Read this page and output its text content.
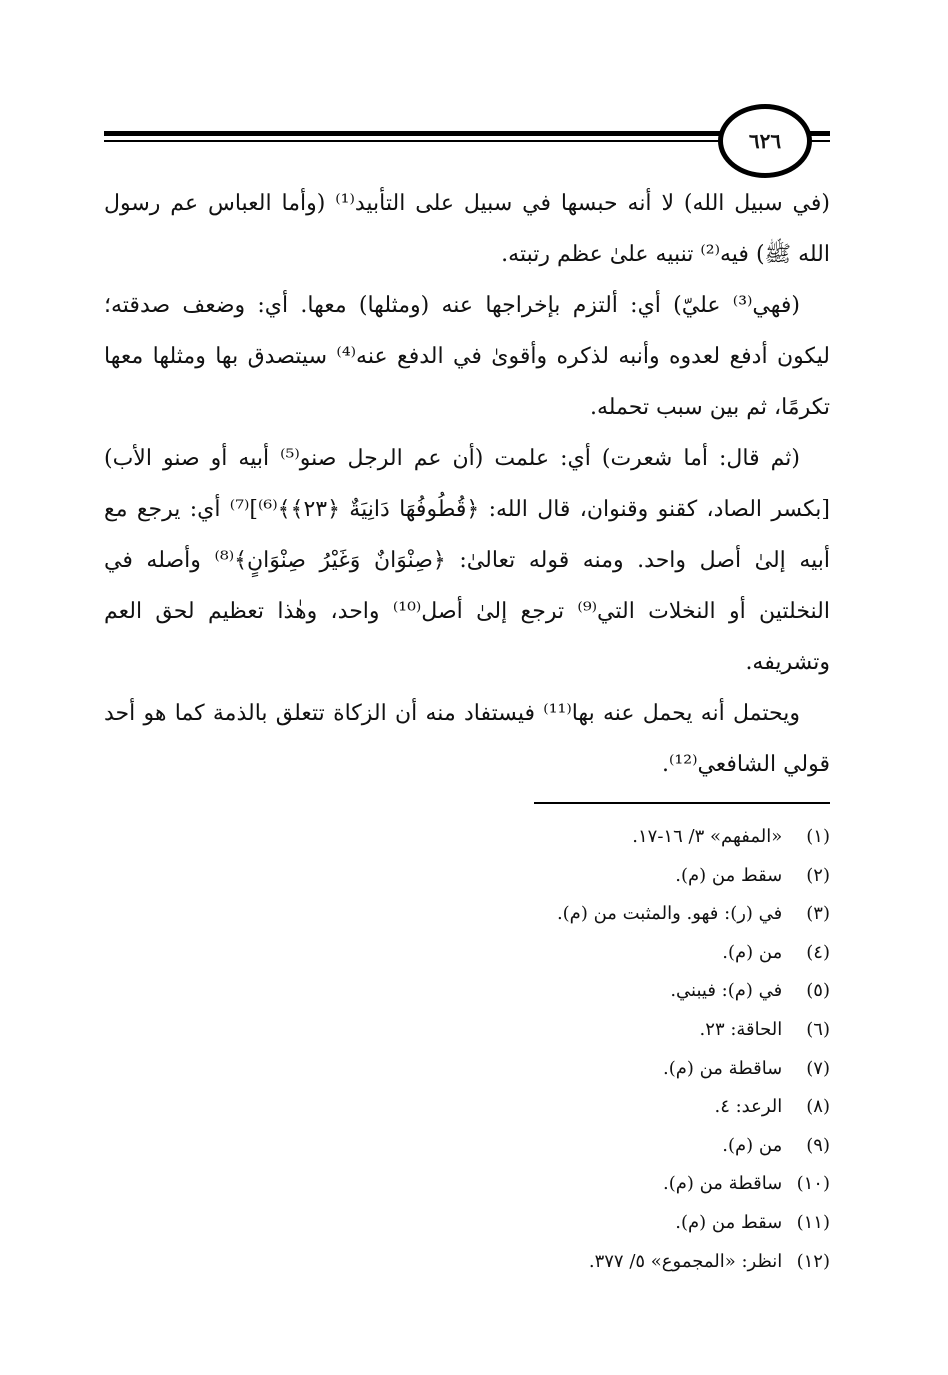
٦٢٦

(في سبيل الله) لا أنه حبسها في سبيل على التأبيد⁽¹⁾ (وأما العباس عم رسول الله ﷺ) فيه⁽²⁾ تنبيه علىٰ عظم رتبته.

(فهي⁽³⁾ عليّ) أي: ألتزم بإخراجها عنه (ومثلها) معها. أي: وضعف صدقته؛ ليكون أدفع لعدوه وأنبه لذكره وأقوىٰ في الدفع عنه⁽⁴⁾ سيتصدق بها ومثلها معها تكرمًا، ثم بين سبب تحمله.

(ثم قال: أما شعرت) أي: علمت (أن عم الرجل صنو⁽⁵⁾ أبيه أو صنو الأب) [بكسر الصاد، كقنو وقنوان، قال الله: ﴿قُطُوفُهَا دَانِيَةٌ ﴿٢٣﴾﴾⁽⁶⁾]⁽⁷⁾ أي: يرجع مع أبيه إلىٰ أصل واحد. ومنه قوله تعالىٰ: ﴿صِنْوَانٌ وَغَيْرُ صِنْوَانٍ﴾⁽⁸⁾ وأصله في النخلتين أو النخلات التي⁽⁹⁾ ترجع إلىٰ أصل⁽¹⁰⁾ واحد، وهٰذا تعظيم لحق العم وتشريفه.

ويحتمل أنه يحمل عنه بها⁽¹¹⁾ فيستفاد منه أن الزكاة تتعلق بالذمة كما هو أحد قولي الشافعي⁽¹²⁾.

(١) «المفهم» ٣/ ١٦-١٧.
(٢) سقط من (م).
(٣) في (ر): فهو. والمثبت من (م).
(٤) من (م).
(٥) في (م): فيبني.
(٦) الحاقة: ٢٣.
(٧) ساقطة من (م).
(٨) الرعد: ٤.
(٩) من (م).
(١٠) ساقطة من (م).
(١١) سقط من (م).
(١٢) انظر: «المجموع» ٥/ ٣٧٧.
